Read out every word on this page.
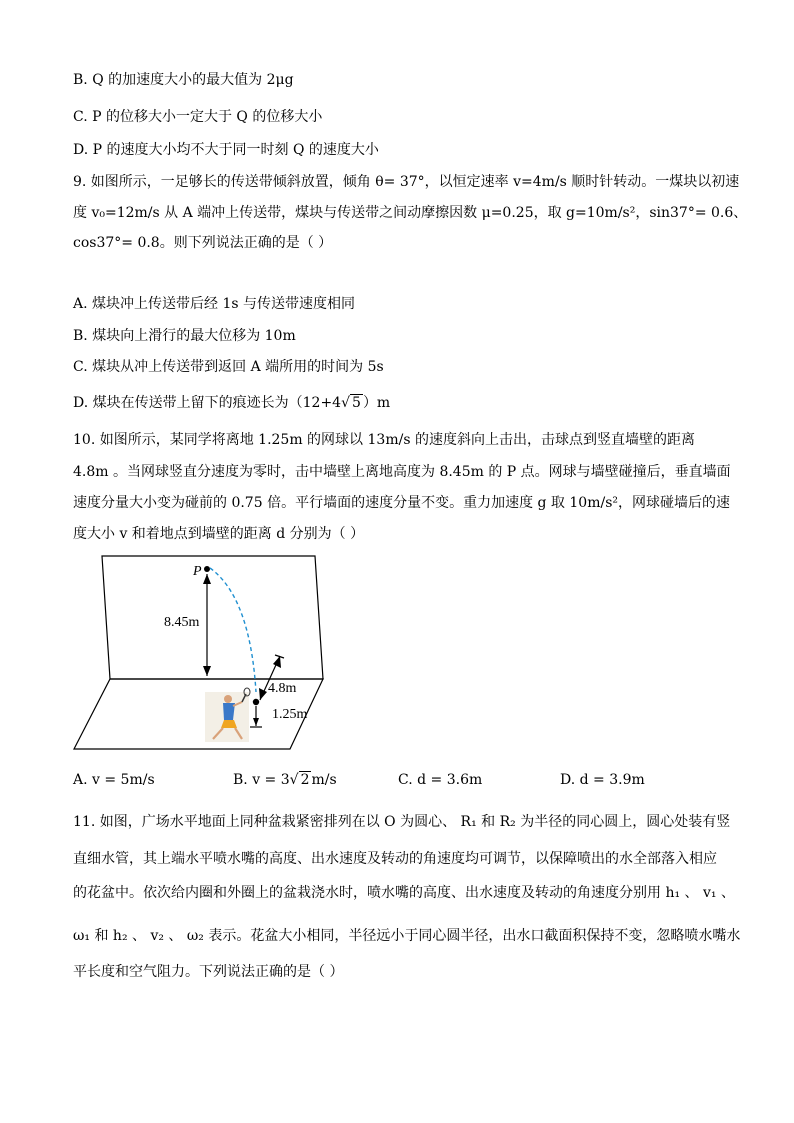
B. Q 的加速度大小的最大值为 2μg
C. P 的位移大小一定大于 Q 的位移大小
D. P 的速度大小均不大于同一时刻 Q 的速度大小
9. 如图所示，一足够长的传送带倾斜放置，倾角 θ= 37°，以恒定速率 v=4m/s 顺时针转动。一煤块以初速
度 v₀=12m/s 从 A 端冲上传送带，煤块与传送带之间动摩擦因数 μ=0.25，取 g=10m/s²，sin37°= 0.6、
cos37°= 0.8。则下列说法正确的是（ ）
A. 煤块冲上传送带后经 1s 与传送带速度相同
B. 煤块向上滑行的最大位移为 10m
C. 煤块从冲上传送带到返回 A 端所用的时间为 5s
D. 煤块在传送带上留下的痕迹长为（12+4√ 5 ）m
10. 如图所示，某同学将离地 1.25m 的网球以 13m/s 的速度斜向上击出，击球点到竖直墙壁的距离
4.8m 。当网球竖直分速度为零时，击中墙壁上离地高度为 8.45m 的 P 点。网球与墙壁碰撞后，垂直墙面
速度分量大小变为碰前的 0.75 倍。平行墙面的速度分量不变。重力加速度 g 取 10m/s²，网球碰墙后的速
度大小 v 和着地点到墙壁的距离 d 分别为（ ）
P
8.45m
4.8m
1.25m
A. v = 5m/s	B. v = 3√ 2 m/s	C. d = 3.6m	D. d = 3.9m
11. 如图，广场水平地面上同种盆栽紧密排列在以 O 为圆心、 R₁ 和 R₂ 为半径的同心圆上，圆心处装有竖
直细水管，其上端水平喷水嘴的高度、出水速度及转动的角速度均可调节，以保障喷出的水全部落入相应
的花盆中。依次给内圈和外圈上的盆栽浇水时，喷水嘴的高度、出水速度及转动的角速度分别用 h₁ 、 v₁ 、
ω₁ 和 h₂ 、 v₂ 、 ω₂ 表示。花盆大小相同，半径远小于同心圆半径，出水口截面积保持不变，忽略喷水嘴水
平长度和空气阻力。下列说法正确的是（ ）
